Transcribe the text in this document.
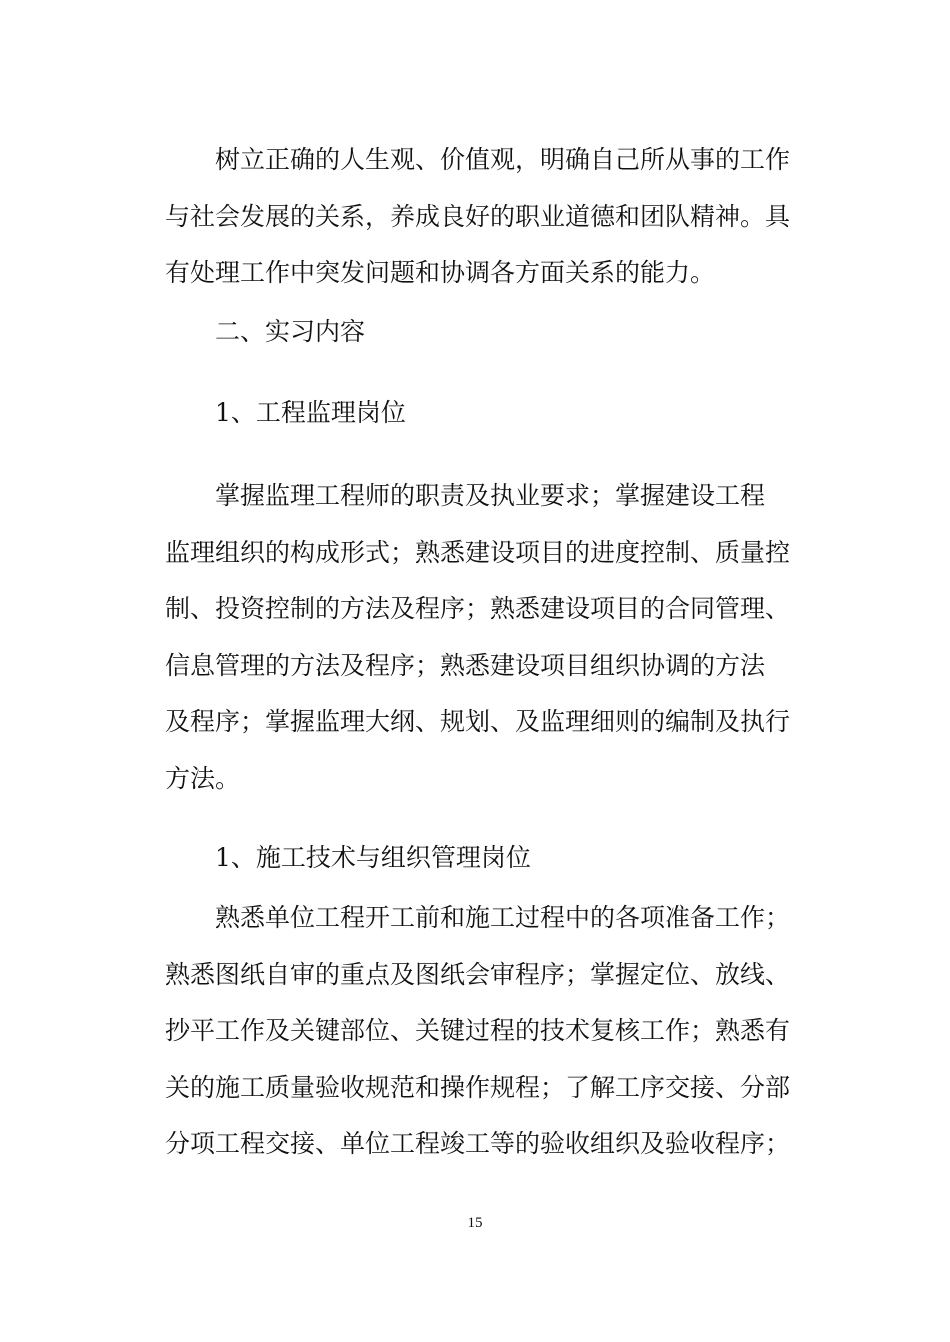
树立正确的人生观、价值观，明确自己所从事的工作
与社会发展的关系，养成良好的职业道德和团队精神。具
有处理工作中突发问题和协调各方面关系的能力。
二、实习内容
1、工程监理岗位
掌握监理工程师的职责及执业要求；掌握建设工程
监理组织的构成形式；熟悉建设项目的进度控制、质量控
制、投资控制的方法及程序；熟悉建设项目的合同管理、
信息管理的方法及程序；熟悉建设项目组织协调的方法
及程序；掌握监理大纲、规划、及监理细则的编制及执行
方法。
1、施工技术与组织管理岗位
熟悉单位工程开工前和施工过程中的各项准备工作；
熟悉图纸自审的重点及图纸会审程序；掌握定位、放线、
抄平工作及关键部位、关键过程的技术复核工作；熟悉有
关的施工质量验收规范和操作规程；了解工序交接、分部
分项工程交接、单位工程竣工等的验收组织及验收程序；
15
